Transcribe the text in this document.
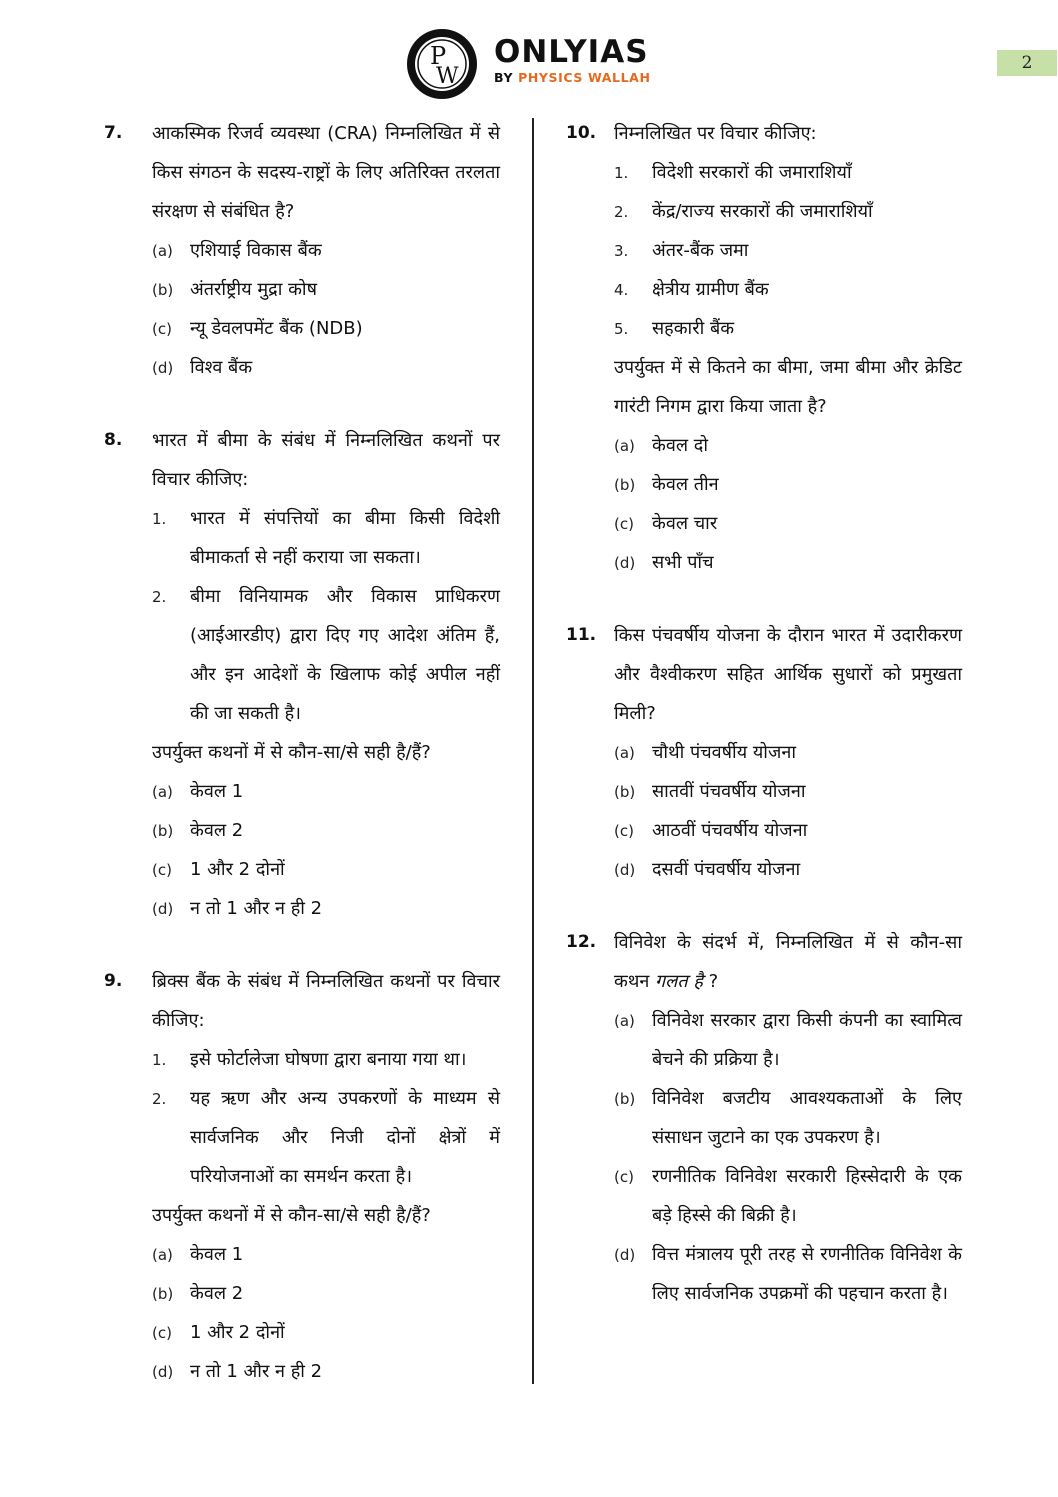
P
W
ONLYIAS
BY PHYSICS WALLAH
2
7.	आकस्मिक रिजर्व व्यवस्था (CRA) निम्नलिखित में से किस संगठन के सदस्य-राष्ट्रों के लिए अतिरिक्त तरलता संरक्षण से संबंधित है?
(a) एशियाई विकास बैंक
(b) अंतर्राष्ट्रीय मुद्रा कोष
(c) न्यू डेवलपमेंट बैंक (NDB)
(d) विश्व बैंक
8.	भारत में बीमा के संबंध में निम्नलिखित कथनों पर विचार कीजिए:
1. भारत में संपत्तियों का बीमा किसी विदेशी बीमाकर्ता से नहीं कराया जा सकता।
2. बीमा विनियामक और विकास प्राधिकरण (आईआरडीए) द्वारा दिए गए आदेश अंतिम हैं, और इन आदेशों के खिलाफ कोई अपील नहीं की जा सकती है।
उपर्युक्त कथनों में से कौन-सा/से सही है/हैं?
(a) केवल 1
(b) केवल 2
(c) 1 और 2 दोनों
(d) न तो 1 और न ही 2
9.	ब्रिक्स बैंक के संबंध में निम्नलिखित कथनों पर विचार कीजिए:
1. इसे फोर्टालेजा घोषणा द्वारा बनाया गया था।
2. यह ऋण और अन्य उपकरणों के माध्यम से सार्वजनिक और निजी दोनों क्षेत्रों में परियोजनाओं का समर्थन करता है।
उपर्युक्त कथनों में से कौन-सा/से सही है/हैं?
(a) केवल 1
(b) केवल 2
(c) 1 और 2 दोनों
(d) न तो 1 और न ही 2
10. निम्नलिखित पर विचार कीजिए:
1. विदेशी सरकारों की जमाराशियाँ
2. केंद्र/राज्य सरकारों की जमाराशियाँ
3. अंतर-बैंक जमा
4. क्षेत्रीय ग्रामीण बैंक
5. सहकारी बैंक
उपर्युक्त में से कितने का बीमा, जमा बीमा और क्रेडिट गारंटी निगम द्वारा किया जाता है?
(a) केवल दो
(b) केवल तीन
(c) केवल चार
(d) सभी पाँच
11. किस पंचवर्षीय योजना के दौरान भारत में उदारीकरण और वैश्वीकरण सहित आर्थिक सुधारों को प्रमुखता मिली?
(a) चौथी पंचवर्षीय योजना
(b) सातवीं पंचवर्षीय योजना
(c) आठवीं पंचवर्षीय योजना
(d) दसवीं पंचवर्षीय योजना
12. विनिवेश के संदर्भ में, निम्नलिखित में से कौन-सा कथन गलत है ?
(a) विनिवेश सरकार द्वारा किसी कंपनी का स्वामित्व बेचने की प्रक्रिया है।
(b) विनिवेश बजटीय आवश्यकताओं के लिए संसाधन जुटाने का एक उपकरण है।
(c) रणनीतिक विनिवेश सरकारी हिस्सेदारी के एक बड़े हिस्से की बिक्री है।
(d) वित्त मंत्रालय पूरी तरह से रणनीतिक विनिवेश के लिए सार्वजनिक उपक्रमों की पहचान करता है।
